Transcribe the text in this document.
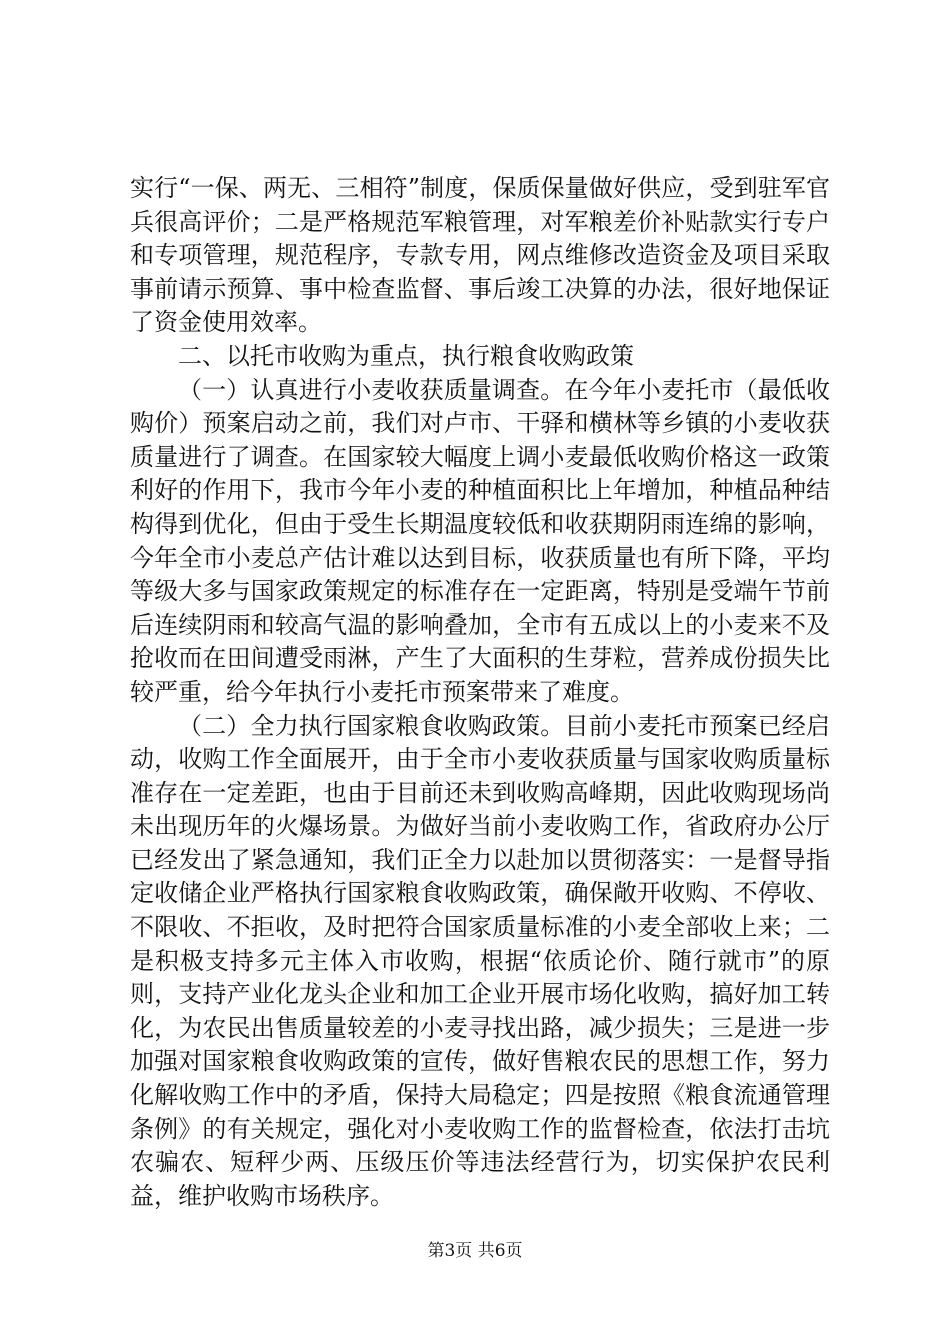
实行“一保、两无、三相符”制度，保质保量做好供应，受到驻军官兵很高评价；二是严格规范军粮管理，对军粮差价补贴款实行专户和专项管理，规范程序，专款专用，网点维修改造资金及项目采取事前请示预算、事中检查监督、事后竣工决算的办法，很好地保证了资金使用效率。

二、以托市收购为重点，执行粮食收购政策

（一）认真进行小麦收获质量调查。在今年小麦托市（最低收购价）预案启动之前，我们对卢市、干驿和横林等乡镇的小麦收获质量进行了调查。在国家较大幅度上调小麦最低收购价格这一政策利好的作用下，我市今年小麦的种植面积比上年增加，种植品种结构得到优化，但由于受生长期温度较低和收获期阴雨连绵的影响，今年全市小麦总产估计难以达到目标，收获质量也有所下降，平均等级大多与国家政策规定的标准存在一定距离，特别是受端午节前后连续阴雨和较高气温的影响叠加，全市有五成以上的小麦来不及抢收而在田间遭受雨淋，产生了大面积的生芽粒，营养成份损失比较严重，给今年执行小麦托市预案带来了难度。

（二）全力执行国家粮食收购政策。目前小麦托市预案已经启动，收购工作全面展开，由于全市小麦收获质量与国家收购质量标准存在一定差距，也由于目前还未到收购高峰期，因此收购现场尚未出现历年的火爆场景。为做好当前小麦收购工作，省政府办公厅已经发出了紧急通知，我们正全力以赴加以贯彻落实：一是督导指定收储企业严格执行国家粮食收购政策，确保敞开收购、不停收、不限收、不拒收，及时把符合国家质量标准的小麦全部收上来；二是积极支持多元主体入市收购，根据“依质论价、随行就市”的原则，支持产业化龙头企业和加工企业开展市场化收购，搞好加工转化，为农民出售质量较差的小麦寻找出路，减少损失；三是进一步加强对国家粮食收购政策的宣传，做好售粮农民的思想工作，努力化解收购工作中的矛盾，保持大局稳定；四是按照《粮食流通管理条例》的有关规定，强化对小麦收购工作的监督检查，依法打击坑农骗农、短秤少两、压级压价等违法经营行为，切实保护农民利益，维护收购市场秩序。

第3页 共6页
